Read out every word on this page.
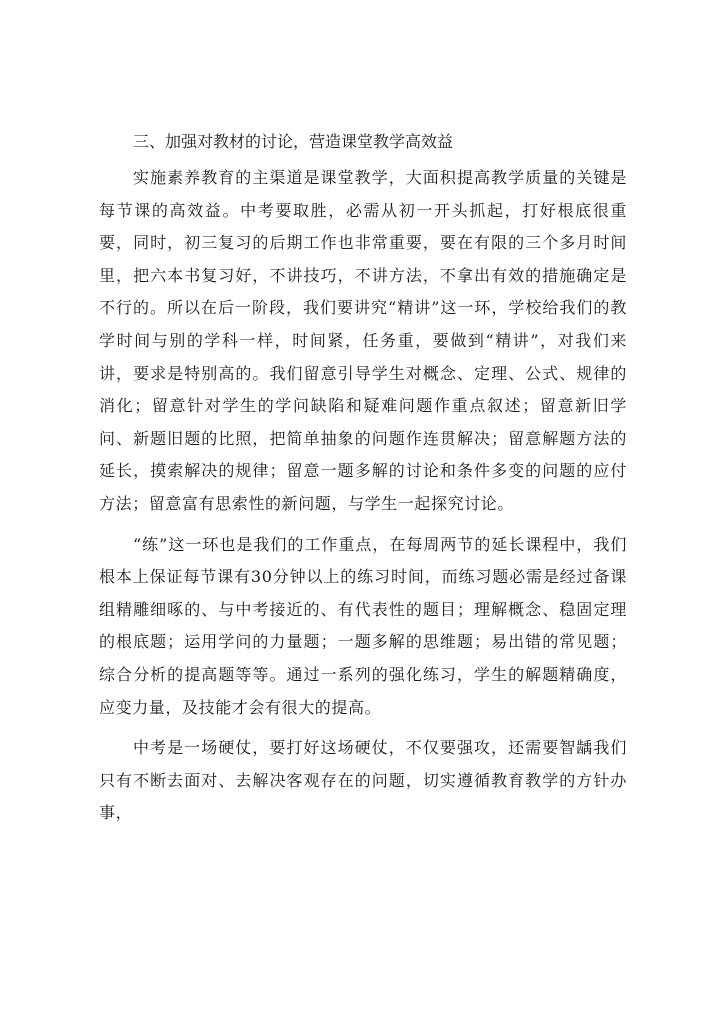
三、加强对教材的讨论，营造课堂教学高效益

实施素养教育的主渠道是课堂教学，大面积提高教学质量的关键是每节课的高效益。中考要取胜，必需从初一开头抓起，打好根底很重要，同时，初三复习的后期工作也非常重要，要在有限的三个多月时间里，把六本书复习好，不讲技巧，不讲方法，不拿出有效的措施确定是不行的。所以在后一阶段，我们要讲究“精讲”这一环，学校给我们的教学时间与别的学科一样，时间紧，任务重，要做到“精讲”，对我们来讲，要求是特别高的。我们留意引导学生对概念、定理、公式、规律的消化；留意针对学生的学问缺陷和疑难问题作重点叙述；留意新旧学问、新题旧题的比照，把简单抽象的问题作连贯解决；留意解题方法的延长，摸索解决的规律；留意一题多解的讨论和条件多变的问题的应付方法；留意富有思索性的新问题，与学生一起探究讨论。

“练”这一环也是我们的工作重点，在每周两节的延长课程中，我们根本上保证每节课有30分钟以上的练习时间，而练习题必需是经过备课组精雕细啄的、与中考接近的、有代表性的题目；理解概念、稳固定理的根底题；运用学问的力量题；一题多解的思维题；易出错的常见题；综合分析的提高题等等。通过一系列的强化练习，学生的解题精确度，应变力量，及技能才会有很大的提高。

中考是一场硬仗，要打好这场硬仗，不仅要强攻，还需要智龋我们只有不断去面对、去解决客观存在的问题，切实遵循教育教学的方针办事，
